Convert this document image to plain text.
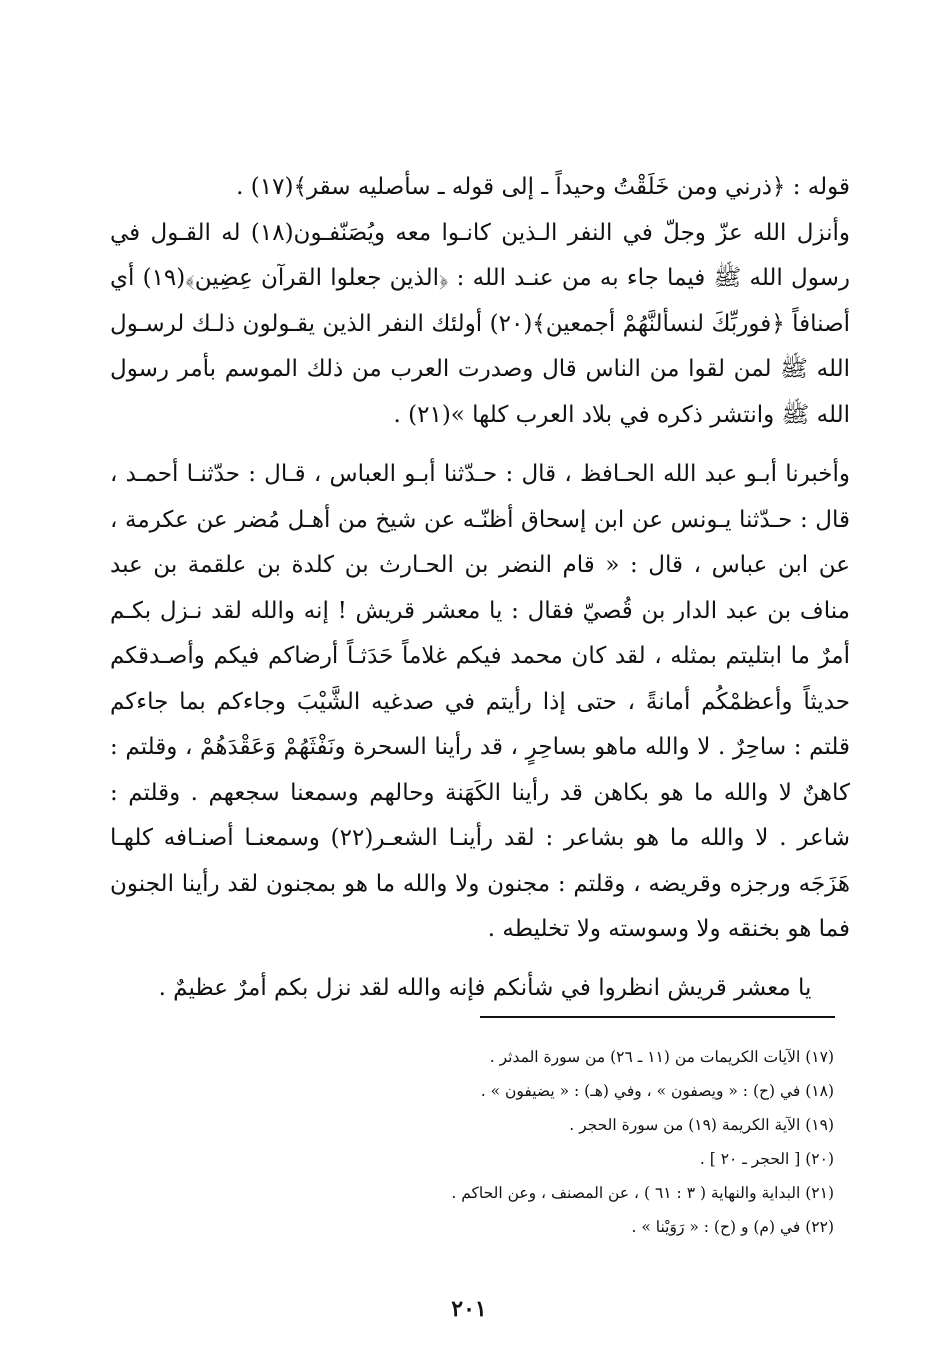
قوله : ﴿ذرني ومن خَلَقْتُ وحيداً ـ إلى قوله ـ سأصليه سقر﴾(١٧) .

وأنزل الله عزّ وجلّ في النفر الـذين كانـوا معه ويُصَنّفـون(١٨) له القـول في رسول الله ﷺ فيما جاء به من عنـد الله : ﴿الذين جعلوا القرآن عِضِين﴾(١٩) أي أصنافاً ﴿فوربِّكَ لنسألنَّهُمْ أجمعين﴾(٢٠) أولئك النفر الذين يقـولون ذلـك لرسـول الله ﷺ لمن لقوا من الناس قال وصدرت العرب من ذلك الموسم بأمر رسول الله ﷺ وانتشر ذكره في بلاد العرب كلها »(٢١) .

وأخبرنا أبـو عبد الله الحـافظ ، قال : حـدّثنا أبـو العباس ، قـال : حدّثنـا أحمـد ، قال : حـدّثنا يـونس عن ابن إسحاق أظنّـه عن شيخ من أهـل مُضر عن عكرمة ، عن ابن عباس ، قال : « قام النضر بن الحـارث بن كلدة بن علقمة بن عبد مناف بن عبد الدار بن قُصيّ فقال : يا معشر قريش ! إنه والله لقد نـزل بكـم أمرٌ ما ابتليتم بمثله ، لقد كان محمد فيكم غلاماً حَدَثـاً أرضاكم فيكم وأصـدقكم حديثاً وأعظمْكُم أمانةً ، حتى إذا رأيتم في صدغيه الشَّيْبَ وجاءكم بما جاءكم قلتم : ساحِرٌ . لا والله ماهو بساحِرٍ ، قد رأينا السحرة ونَفْثَهُمْ وَعَقْدَهُمْ ، وقلتم : كاهنٌ لا والله ما هو بكاهن قد رأينا الكَهَنة وحالهم وسمعنا سجعهم . وقلتم : شاعر . لا والله ما هو بشاعر : لقد رأينـا الشعـر(٢٢) وسمعنـا أصنـافه كلهـا هَزَجَه ورجزه وقريضه ، وقلتم : مجنون ولا والله ما هو بمجنون لقد رأينا الجنون فما هو بخنقه ولا وسوسته ولا تخليطه .

يا معشر قريش انظروا في شأنكم فإنه والله لقد نزل بكم أمرٌ عظيمٌ .
(١٧) الآيات الكريمات من (١١ ـ ٢٦) من سورة المدثر .
(١٨) في (ح) : « ويصفون » ، وفي (هـ) : « يضيفون » .
(١٩) الآية الكريمة (١٩) من سورة الحجر .
(٢٠) [ الحجر ـ ٢٠ ] .
(٢١) البداية والنهاية ( ٣ : ٦١ ) ، عن المصنف ، وعن الحاكم .
(٢٢) في (م) و (ح) : « رَوَيْنا » .
٢٠١
